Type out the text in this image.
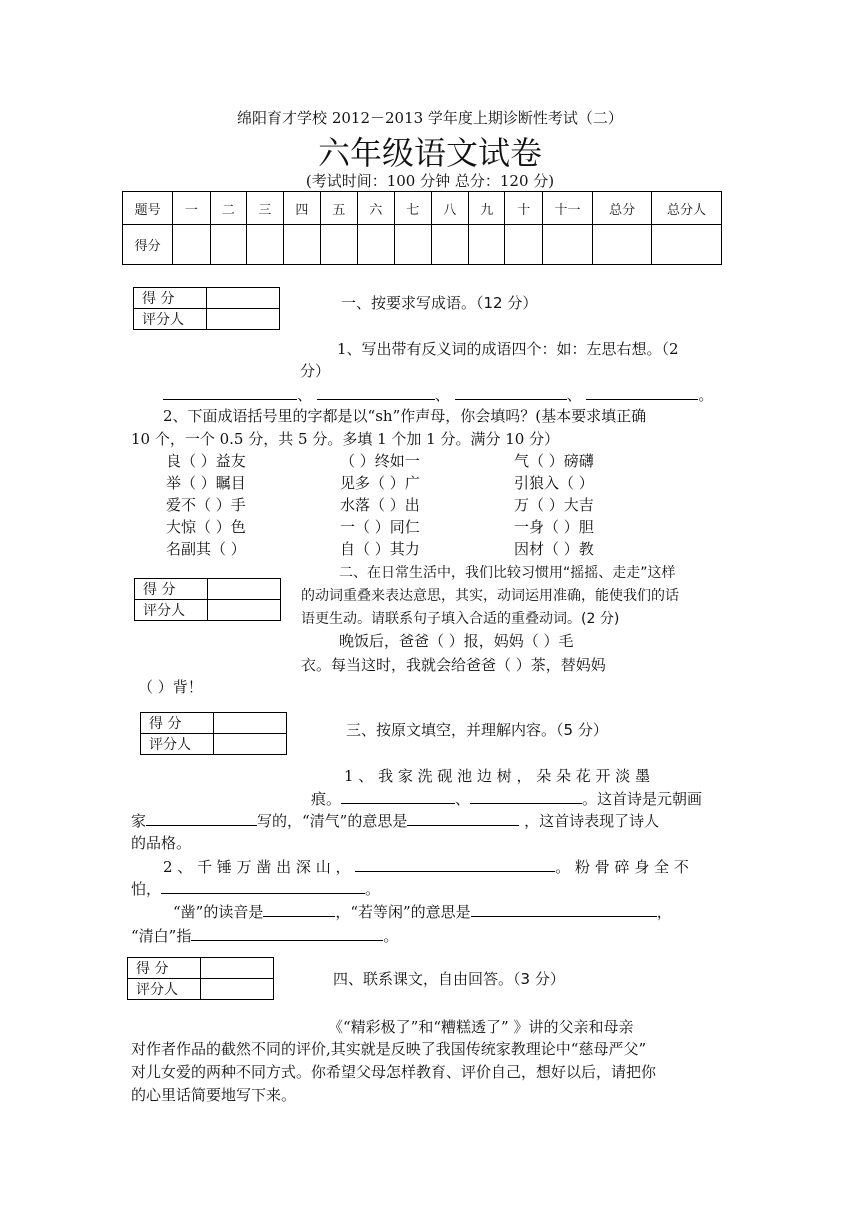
绵阳育才学校 2012－2013 学年度上期诊断性考试（二）
六年级语文试卷
(考试时间：100 分钟 总分：120 分)
题号	一	二	三	四	五	六	七	八	九	十	十一	总分	总分人
得分													
得 分	
评分人	
一、按要求写成语。（12 分）
1、写出带有反义词的成语四个：如：左思右想。（2
分）
、	、	、	。
2、下面成语括号里的字都是以“sh”作声母，你会填吗？(基本要求填正确
10 个，一个 0.5 分，共 5 分。多填 1 个加 1 分。满分 10 分）
良（ ）益友	（ ）终如一	气（ ）磅礴
举（ ）瞩目	见多（ ）广	引狼入（ ）
爱不（ ）手	水落（ ）出	万（ ）大吉
大惊（ ）色	一（ ）同仁	一身（ ）胆
名副其（ ）	自（ ）其力	因材（ ）教
得 分	
评分人	
二、在日常生活中，我们比较习惯用“摇摇、走走”这样
的动词重叠来表达意思，其实，动词运用准确，能使我们的话
语更生动。请联系句子填入合适的重叠动词。(2 分)
晚饭后，爸爸（ ）报，妈妈（ ）毛
衣。每当这时，我就会给爸爸（ ）茶，替妈妈
（ ）背！
得 分	
评分人	
三、按原文填空，并理解内容。（5 分）
1 、 我 家 洗 砚 池 边 树 ， 朵 朵 花 开 淡 墨
痕。	、	。这首诗是元朝画
家	写的，“清气”的意思是	，这首诗表现了诗人
的品格。
2 、 千 锤 万 凿 出 深 山 ，	。 粉 骨 碎 身 全 不
怕，	。
“凿”的读音是	，“若等闲”的意思是	，
“清白”指	。
得 分	
评分人	
四、联系课文，自由回答。（3 分）
《“精彩极了”和“糟糕透了” 》讲的父亲和母亲
对作者作品的截然不同的评价,其实就是反映了我国传统家教理论中“慈母严父”
对儿女爱的两种不同方式。你希望父母怎样教育、评价自己，想好以后，请把你
的心里话简要地写下来。
